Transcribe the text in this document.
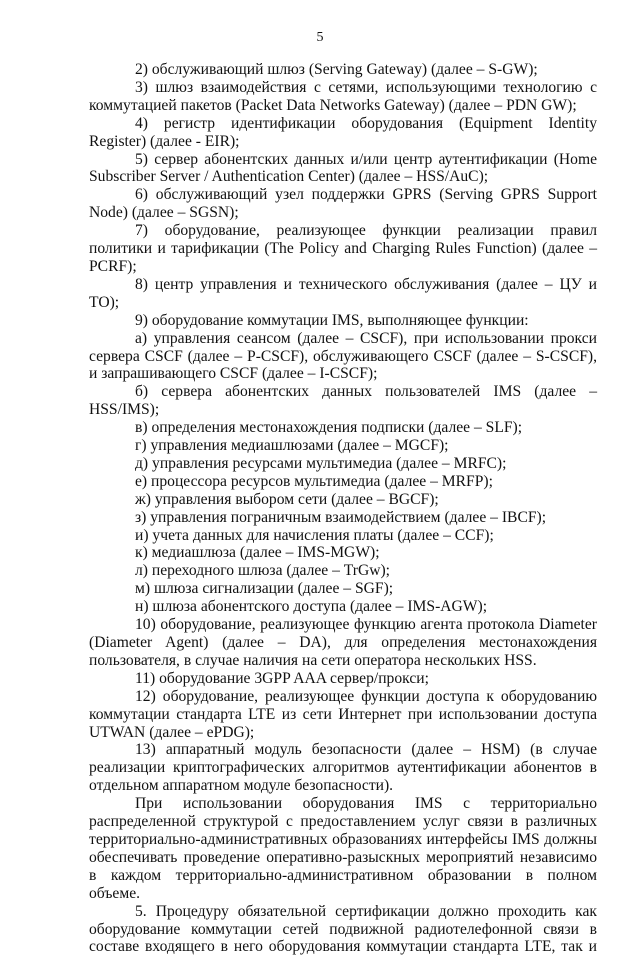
5

2) обслуживающий шлюз (Serving Gateway) (далее – S-GW);

3) шлюз взаимодействия с сетями, использующими технологию с коммутацией пакетов (Packet Data Networks Gateway) (далее – PDN GW);

4) регистр идентификации оборудования (Equipment Identity Register) (далее - EIR);

5) сервер абонентских данных и/или центр аутентификации (Home Subscriber Server / Authentication Center) (далее – HSS/AuC);

6) обслуживающий узел поддержки GPRS (Serving GPRS Support Node) (далее – SGSN);

7) оборудование, реализующее функции реализации правил политики и тарификации (The Policy and Charging Rules Function) (далее – PCRF);

8) центр управления и технического обслуживания (далее – ЦУ и ТО);

9) оборудование коммутации IMS, выполняющее функции:

а) управления сеансом (далее – CSCF), при использовании прокси сервера CSCF (далее – P-CSCF), обслуживающего CSCF (далее – S-CSCF), и запрашивающего CSCF (далее – I-CSCF);

б) сервера абонентских данных пользователей IMS (далее – HSS/IMS);

в) определения местонахождения подписки (далее – SLF);

г) управления медиашлюзами (далее – MGCF);

д) управления ресурсами мультимедиа (далее – MRFC);

е) процессора ресурсов мультимедиа (далее – MRFP);

ж) управления выбором сети (далее – BGCF);

з) управления пограничным взаимодействием (далее – IBCF);

и) учета данных для начисления платы (далее – CCF);

к) медиашлюза (далее – IMS-MGW);

л) переходного шлюза (далее – TrGw);

м) шлюза сигнализации (далее – SGF);

н) шлюза абонентского доступа (далее – IMS-AGW);

10) оборудование, реализующее функцию агента протокола Diameter (Diameter Agent) (далее – DA), для определения местонахождения пользователя, в случае наличия на сети оператора нескольких HSS.

11) оборудование 3GPP AAA сервер/прокси;

12) оборудование, реализующее функции доступа к оборудованию коммутации стандарта LTE из сети Интернет при использовании доступа UTWAN (далее – ePDG);

13) аппаратный модуль безопасности (далее – HSM) (в случае реализации криптографических алгоритмов аутентификации абонентов в отдельном аппаратном модуле безопасности).

При использовании оборудования IMS с территориально распределенной структурой с предоставлением услуг связи в различных территориально-административных образованиях интерфейсы IMS должны обеспечивать проведение оперативно-разыскных мероприятий независимо в каждом территориально-административном образовании в полном объеме.

5. Процедуру обязательной сертификации должно проходить как оборудование коммутации сетей подвижной радиотелефонной связи в составе входящего в него оборудования коммутации стандарта LTE, так и
